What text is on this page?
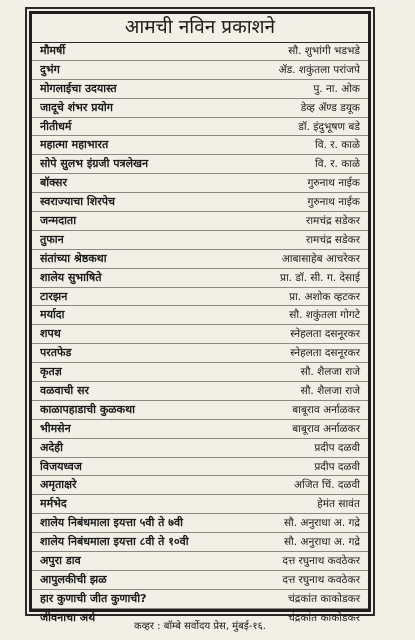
आमची नविन प्रकाशने
मौमर्षी	सौ. शुभांगी भडभडे
दुभंग	ॲड. शकुंतला परांजपे
मोगलाईचा उदयास्त	पु. ना. ओक
जादूचे शंभर प्रयोग	डेव्ह ॲण्ड डयूक
नीतीधर्म	डॉ. इंदुभूषण बडे
महात्मा महाभारत	वि. र. काळे
सोपे सुलभ इंग्रजी पत्रलेखन	वि. र. काळे
बॉक्सर	गुरुनाथ नाईक
स्वराज्याचा शिरपेच	गुरुनाथ नाईक
जन्मदाता	रामचंद्र सडेकर
तुफान	रामचंद्र सडेकर
संतांच्या श्रेष्ठकथा	आबासाहेब आचरेकर
शालेय सुभाषिते	प्रा. डॉ. सी. ग. देसाई
टारझन	प्रा. अशोक व्हटकर
मर्यादा	सौ. शकुंतला गोगटे
शपथ	स्नेहलता दसनूरकर
परतफेड	स्नेहलता दसनूरकर
कृतज्ञ	सौ. शैलजा राजे
वळवाची सर	सौ. शैलजा राजे
काळापहाडाची कुळकथा	बाबूराव अर्नाळकर
भीमसेन	बाबूराव अर्नाळकर
अदेही	प्रदीप दळवी
विजयध्वज	प्रदीप दळवी
अमृताक्षरे	अजित चिं. दळवी
मर्मभेद	हेमंत सावंत
शालेय निबंधमाला इयत्ता ५वी ते ७वी	सौ. अनुराधा अ. गद्रे
शालेय निबंधमाला इयत्ता ८वी ते १०वी	सौ. अनुराधा अ. गद्रे
अपुरा डाव	दत्त रघुनाथ कवठेकर
आपुलकीची झळ	दत्त रघुनाथ कवठेकर
हार कुणाची जीत कुणाची?	चंद्रकांत काकोडकर
जीवनाचा अर्थ	चंद्रकांत काकोडकर
कव्हर : बॉम्बे सर्वोदय प्रेस, मुंबई-१६.
